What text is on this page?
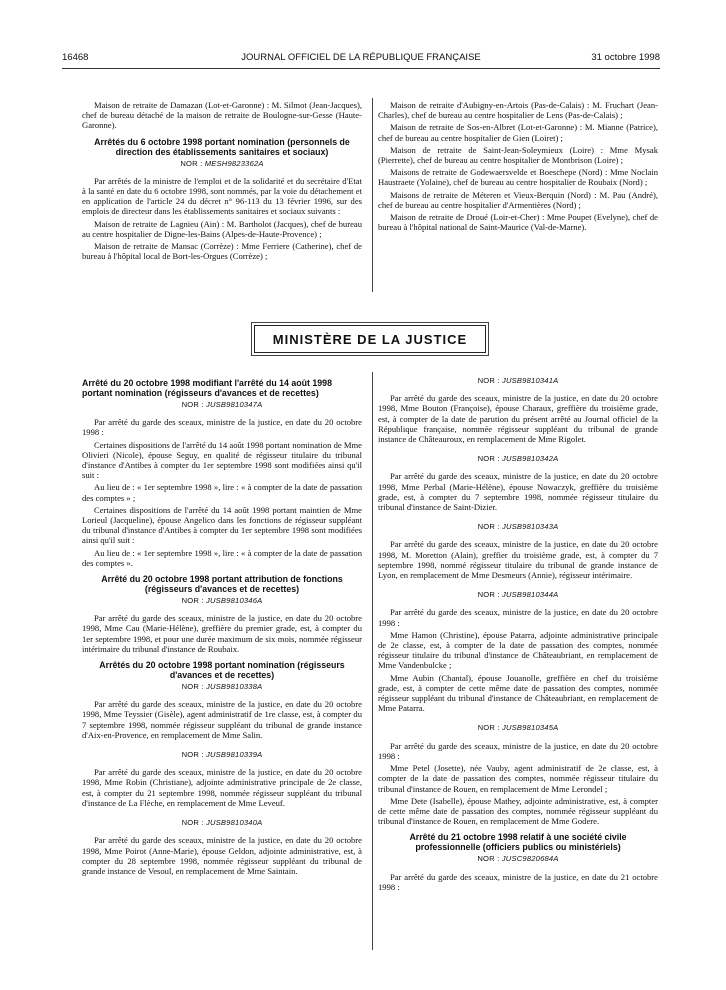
16468	JOURNAL OFFICIEL DE LA RÉPUBLIQUE FRANÇAISE	31 octobre 1998

Maison de retraite de Damazan (Lot-et-Garonne) : M. Silmot (Jean-Jacques), chef de bureau détaché de la maison de retraite de Boulogne-sur-Gesse (Haute-Garonne).

Arrêtés du 6 octobre 1998 portant nomination (personnels de direction des établissements sanitaires et sociaux)
NOR : MESH9823362A

Par arrêtés de la ministre de l'emploi et de la solidarité et du secrétaire d'Etat à la santé en date du 6 octobre 1998, sont nommés, par la voie du détachement et en application de l'article 24 du décret n° 96-113 du 13 février 1996, sur des emplois de directeur dans les établissements sanitaires et sociaux suivants :

Maison de retraite de Lagnieu (Ain) : M. Bartholot (Jacques), chef de bureau au centre hospitalier de Digne-les-Bains (Alpes-de-Haute-Provence) ;

Maison de retraite de Mansac (Corrèze) : Mme Ferriere (Catherine), chef de bureau à l'hôpital local de Bort-les-Orgues (Corrèze) ;

Maison de retraite d'Aubigny-en-Artois (Pas-de-Calais) : M. Fruchart (Jean-Charles), chef de bureau au centre hospitalier de Lens (Pas-de-Calais) ;

Maison de retraite de Sos-en-Albret (Lot-et-Garonne) : M. Mianne (Patrice), chef de bureau au centre hospitalier de Gien (Loiret) ;

Maison de retraite de Saint-Jean-Soleymieux (Loire) : Mme Mysak (Pierrette), chef de bureau au centre hospitalier de Montbrison (Loire) ;

Maisons de retraite de Godewaersvelde et Boeschepe (Nord) : Mme Noclain Haustraete (Yolaine), chef de bureau au centre hospitalier de Roubaix (Nord) ;

Maisons de retraite de Méteren et Vieux-Berquin (Nord) : M. Pau (André), chef de bureau au centre hospitalier d'Armentières (Nord) ;

Maison de retraite de Droué (Loir-et-Cher) : Mme Poupet (Evelyne), chef de bureau à l'hôpital national de Saint-Maurice (Val-de-Marne).

MINISTÈRE DE LA JUSTICE
Arrêté du 20 octobre 1998 modifiant l'arrêté du 14 août 1998 portant nomination (régisseurs d'avances et de recettes)
NOR : JUSB9810347A

Par arrêté du garde des sceaux, ministre de la justice, en date du 20 octobre 1998 :

Certaines dispositions de l'arrêté du 14 août 1998 portant nomination de Mme Olivieri (Nicole), épouse Seguy, en qualité de régisseur titulaire du tribunal d'instance d'Antibes à compter du 1er septembre 1998 sont modifiées ainsi qu'il suit :

Au lieu de : « 1er septembre 1998 », lire : « à compter de la date de passation des comptes » ;

Certaines dispositions de l'arrêté du 14 août 1998 portant maintien de Mme Lorieul (Jacqueline), épouse Angelico dans les fonctions de régisseur suppléant du tribunal d'instance d'Antibes à compter du 1er septembre 1998 sont modifiées ainsi qu'il suit :

Au lieu de : « 1er septembre 1998 », lire : « à compter de la date de passation des comptes ».

Arrêté du 20 octobre 1998 portant attribution de fonctions (régisseurs d'avances et de recettes)
NOR : JUSB9810346A

Par arrêté du garde des sceaux, ministre de la justice, en date du 20 octobre 1998, Mme Cau (Marie-Hélène), greffière du premier grade, est, à compter du 1er septembre 1998, et pour une durée maximum de six mois, nommée régisseur intérimaire du tribunal d'instance de Roubaix.

Arrêtés du 20 octobre 1998 portant nomination (régisseurs d'avances et de recettes)
NOR : JUSB9810338A

Par arrêté du garde des sceaux, ministre de la justice, en date du 20 octobre 1998, Mme Teyssier (Gisèle), agent administratif de 1re classe, est, à compter du 7 septembre 1998, nommée régisseur suppléant du tribunal de grande instance d'Aix-en-Provence, en remplacement de Mme Salin.

NOR : JUSB9810339A

Par arrêté du garde des sceaux, ministre de la justice, en date du 20 octobre 1998, Mme Robin (Christiane), adjointe administrative principale de 2e classe, est, à compter du 21 septembre 1998, nommée régisseur suppléant du tribunal d'instance de La Flèche, en remplacement de Mme Leveuf.

NOR : JUSB9810340A

Par arrêté du garde des sceaux, ministre de la justice, en date du 20 octobre 1998, Mme Poirot (Anne-Marie), épouse Geldon, adjointe administrative, est, à compter du 28 septembre 1998, nommée régisseur suppléant du tribunal de grande instance de Vesoul, en remplacement de Mme Saintain.

NOR : JUSB9810341A

Par arrêté du garde des sceaux, ministre de la justice, en date du 20 octobre 1998, Mme Bouton (Françoise), épouse Charaux, greffière du troisième grade, est, à compter de la date de parution du présent arrêté au Journal officiel de la République française, nommée régisseur suppléant du tribunal de grande instance de Châteauroux, en remplacement de Mme Rigolet.

NOR : JUSB9810342A

Par arrêté du garde des sceaux, ministre de la justice, en date du 20 octobre 1998, Mme Perbal (Marie-Hélène), épouse Nowaczyk, greffière du troisième grade, est, à compter du 7 septembre 1998, nommée régisseur titulaire du tribunal d'instance de Saint-Dizier.

NOR : JUSB9810343A

Par arrêté du garde des sceaux, ministre de la justice, en date du 20 octobre 1998, M. Moretton (Alain), greffier du troisième grade, est, à compter du 7 septembre 1998, nommé régisseur titulaire du tribunal de grande instance de Lyon, en remplacement de Mme Desmeurs (Annie), régisseur intérimaire.

NOR : JUSB9810344A

Par arrêté du garde des sceaux, ministre de la justice, en date du 20 octobre 1998 :

Mme Hamon (Christine), épouse Patarra, adjointe administrative principale de 2e classe, est, à compter de la date de passation des comptes, nommée régisseur titulaire du tribunal d'instance de Châteaubriant, en remplacement de Mme Vandenbulcke ;

Mme Aubin (Chantal), épouse Jouanolle, greffière en chef du troisième grade, est, à compter de cette même date de passation des comptes, nommée régisseur suppléant du tribunal d'instance de Châteaubriant, en remplacement de Mme Patarra.

NOR : JUSB9810345A

Par arrêté du garde des sceaux, ministre de la justice, en date du 20 octobre 1998 :

Mme Petel (Josette), née Vauby, agent administratif de 2e classe, est, à compter de la date de passation des comptes, nommée régisseur titulaire du tribunal d'instance de Rouen, en remplacement de Mme Lerondel ;

Mme Dete (Isabelle), épouse Mathey, adjointe administrative, est, à compter de cette même date de passation des comptes, nommée régisseur suppléant du tribunal d'instance de Rouen, en remplacement de Mme Godere.

Arrêté du 21 octobre 1998 relatif à une société civile professionnelle (officiers publics ou ministériels)
NOR : JUSC9820684A

Par arrêté du garde des sceaux, ministre de la justice, en date du 21 octobre 1998 :
